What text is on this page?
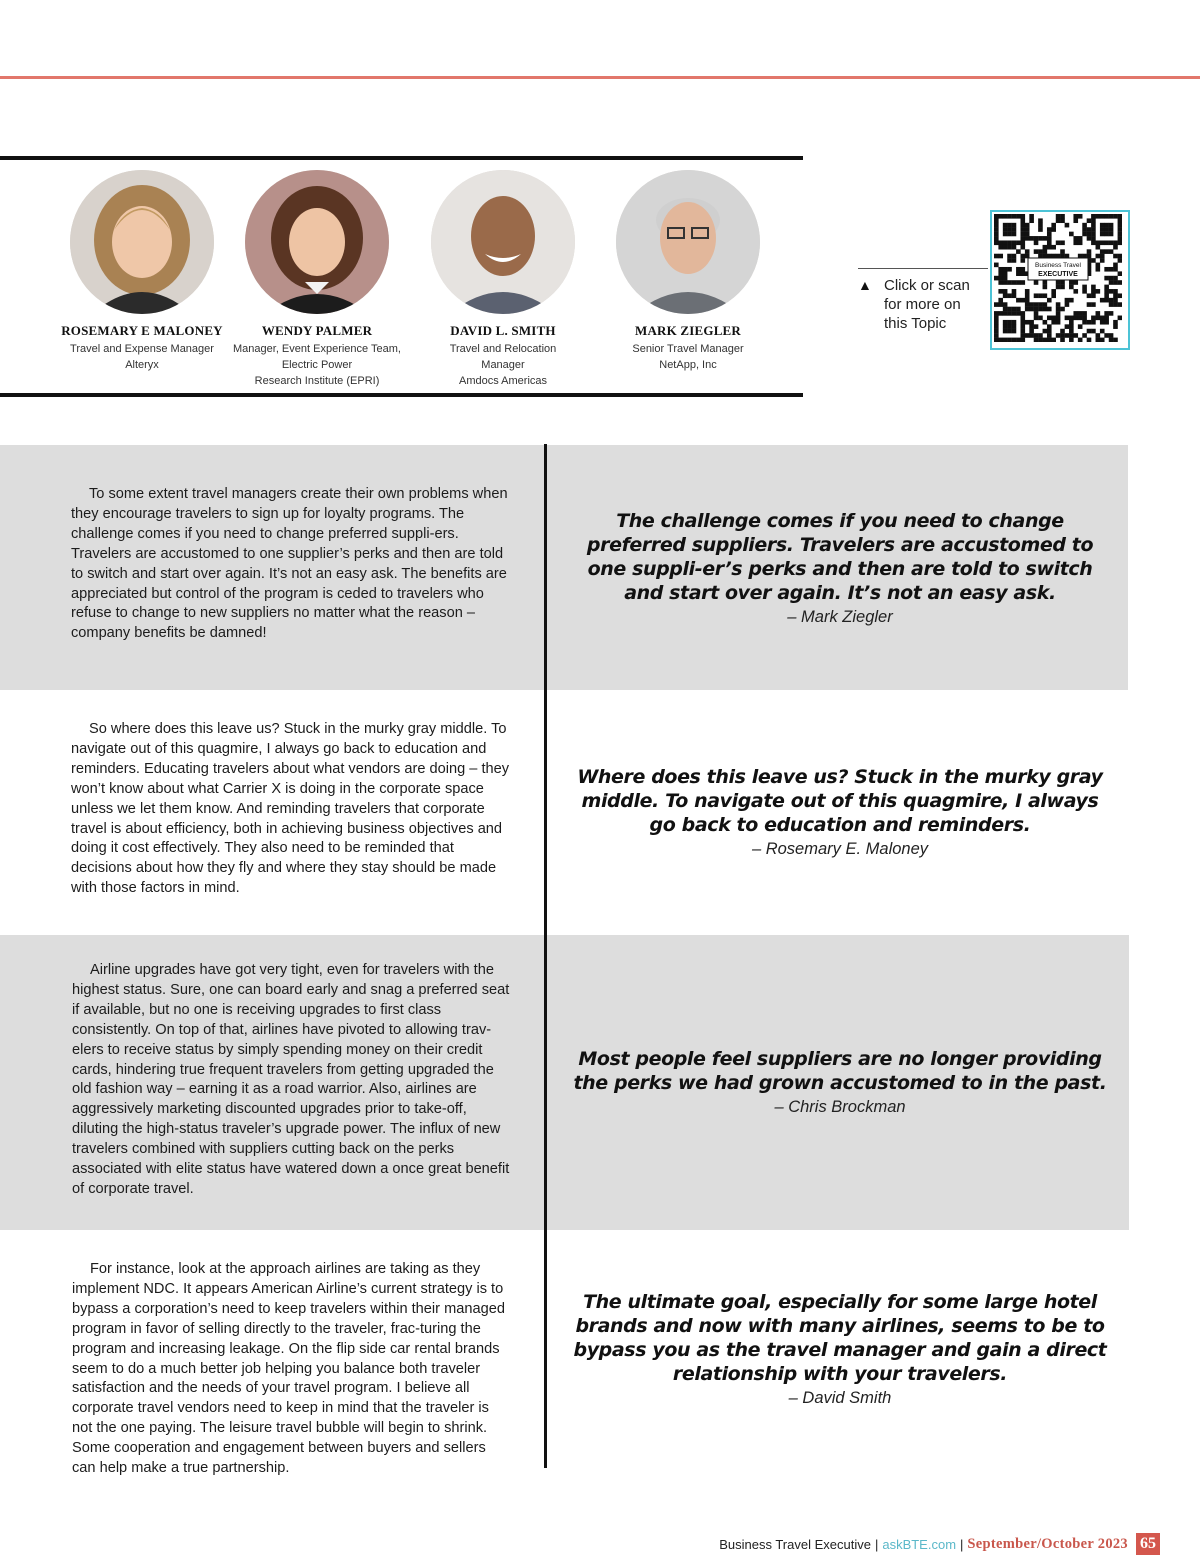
ROSEMARY E MALONEY
Travel and Expense Manager
Alteryx
WENDY PALMER
Manager, Event Experience Team, Electric Power
Research Institute (EPRI)
DAVID L. SMITH
Travel and Relocation Manager
Amdocs Americas
MARK ZIEGLER
Senior Travel Manager
NetApp, Inc
▲ Click or scan for more on this Topic
Business Travel
EXECUTIVE
To some extent travel managers create their own problems when they encourage travelers to sign up for loyalty programs. The challenge comes if you need to change preferred suppli-ers. Travelers are accustomed to one supplier’s perks and then are told to switch and start over again. It’s not an easy ask. The benefits are appreciated but control of the program is ceded to travelers who refuse to change to new suppliers no matter what the reason – company benefits be damned!
The challenge comes if you need to change preferred suppliers. Travelers are accustomed to one suppli-er’s perks and then are told to switch and start over again. It’s not an easy ask.
– Mark Ziegler
So where does this leave us? Stuck in the murky gray middle. To navigate out of this quagmire, I always go back to education and reminders. Educating travelers about what vendors are doing – they won’t know about what Carrier X is doing in the corporate space unless we let them know. And reminding travelers that corporate travel is about efficiency, both in achieving business objectives and doing it cost effectively. They also need to be reminded that decisions about how they fly and where they stay should be made with those factors in mind.
Where does this leave us? Stuck in the murky gray middle. To navigate out of this quagmire, I always go back to education and reminders.
– Rosemary E. Maloney
Airline upgrades have got very tight, even for travelers with the highest status. Sure, one can board early and snag a preferred seat if available, but no one is receiving upgrades to first class consistently. On top of that, airlines have pivoted to allowing trav-elers to receive status by simply spending money on their credit cards, hindering true frequent travelers from getting upgraded the old fashion way – earning it as a road warrior. Also, airlines are aggressively marketing discounted upgrades prior to take-off, diluting the high-status traveler’s upgrade power. The influx of new travelers combined with suppliers cutting back on the perks associated with elite status have watered down a once great benefit of corporate travel.
Most people feel suppliers are no longer providing the perks we had grown accustomed to in the past.
– Chris Brockman
For instance, look at the approach airlines are taking as they implement NDC. It appears American Airline’s current strategy is to bypass a corporation’s need to keep travelers within their managed program in favor of selling directly to the traveler, frac-turing the program and increasing leakage. On the flip side car rental brands seem to do a much better job helping you balance both traveler satisfaction and the needs of your travel program. I believe all corporate travel vendors need to keep in mind that the traveler is not the one paying. The leisure travel bubble will begin to shrink. Some cooperation and engagement between buyers and sellers can help make a true partnership.
The ultimate goal, especially for some large hotel brands and now with many airlines, seems to be to bypass you as the travel manager and gain a direct relationship with your travelers.
– David Smith
Business Travel Executive | askBTE.com | September/October 2023 65
